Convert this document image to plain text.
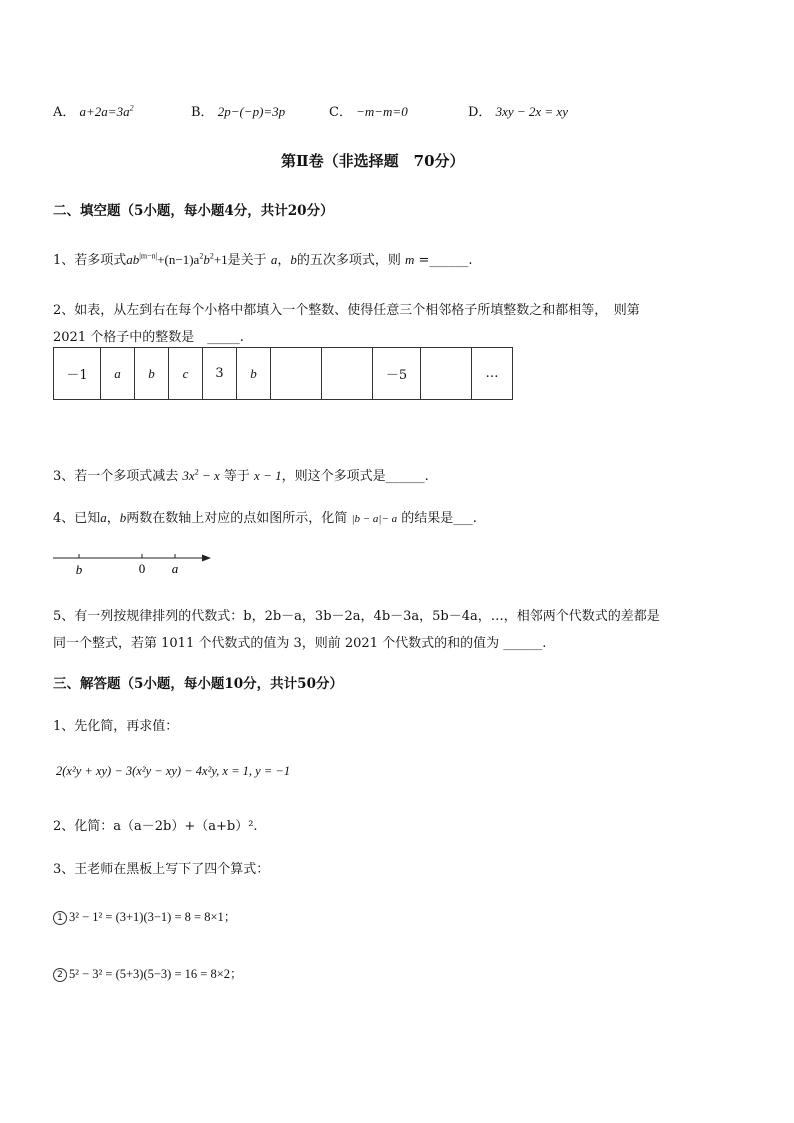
A． $a+2a=3a^2$	B． 2p−(−p)=3p	C． −m−m=0	D． 3xy − 2x = xy
第Ⅱ卷（非选择题　70分）
二、填空题（5小题，每小题4分，共计20分）
1、若多项式$ab^{|m-n|}+(n-1)a^2b^2+1$是关于 a，b的五次多项式，则 m =______.
2、如表，从左到右在每个小格中都填入一个整数、使得任意三个相邻格子所填整数之和都相等，　则第
2021 个格子中的整数是　_____.
－1	a	b	c	3	b			－5		…
3、若一个多项式减去 $3x^2 - x$ 等于 x − 1，则这个多项式是______.
4、已知a，b两数在数轴上对应的点如图所示，化简 |b − a|− a 的结果是___.
b	0 a
5、有一列按规律排列的代数式：b，2b－a，3b－2a，4b－3a，5b－4a，…，相邻两个代数式的差都是
同一个整式，若第 1011 个代数式的值为 3，则前 2021 个代数式的和的值为 ______.
三、解答题（5小题，每小题10分，共计50分）
1、先化简，再求值：
2(x²y + xy) − 3(x²y − xy) − 4x²y, x = 1, y = −1
2、化简：a（a－2b）+（a+b）².
3、王老师在黑板上写下了四个算式：
1 3² − 1² = (3+1)(3−1) = 8 = 8×1；
2 5² − 3² = (5+3)(5−3) = 16 = 8×2；
